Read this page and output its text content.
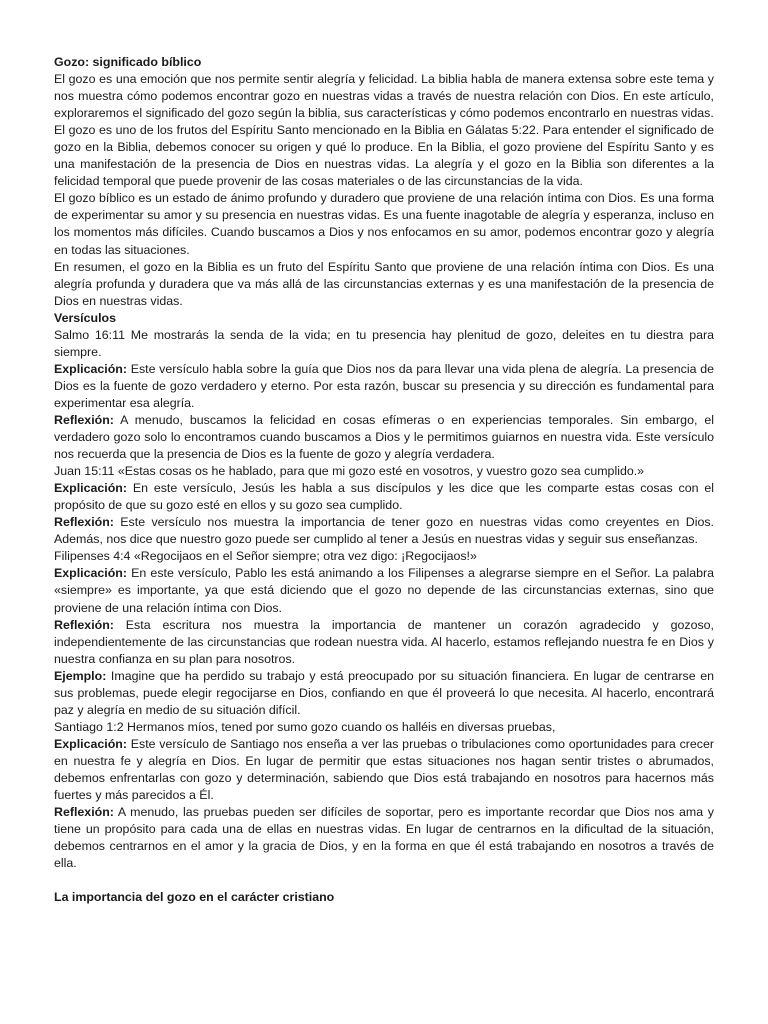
Gozo: significado bíblico

El gozo es una emoción que nos permite sentir alegría y felicidad. La biblia habla de manera extensa sobre este tema y nos muestra cómo podemos encontrar gozo en nuestras vidas a través de nuestra relación con Dios. En este artículo, exploraremos el significado del gozo según la biblia, sus características y cómo podemos encontrarlo en nuestras vidas.

El gozo es uno de los frutos del Espíritu Santo mencionado en la Biblia en Gálatas 5:22. Para entender el significado de gozo en la Biblia, debemos conocer su origen y qué lo produce. En la Biblia, el gozo proviene del Espíritu Santo y es una manifestación de la presencia de Dios en nuestras vidas. La alegría y el gozo en la Biblia son diferentes a la felicidad temporal que puede provenir de las cosas materiales o de las circunstancias de la vida.

El gozo bíblico es un estado de ánimo profundo y duradero que proviene de una relación íntima con Dios. Es una forma de experimentar su amor y su presencia en nuestras vidas. Es una fuente inagotable de alegría y esperanza, incluso en los momentos más difíciles. Cuando buscamos a Dios y nos enfocamos en su amor, podemos encontrar gozo y alegría en todas las situaciones.

En resumen, el gozo en la Biblia es un fruto del Espíritu Santo que proviene de una relación íntima con Dios. Es una alegría profunda y duradera que va más allá de las circunstancias externas y es una manifestación de la presencia de Dios en nuestras vidas.

Versículos

Salmo 16:11 Me mostrarás la senda de la vida; en tu presencia hay plenitud de gozo, deleites en tu diestra para siempre.

Explicación: Este versículo habla sobre la guía que Dios nos da para llevar una vida plena de alegría. La presencia de Dios es la fuente de gozo verdadero y eterno. Por esta razón, buscar su presencia y su dirección es fundamental para experimentar esa alegría.

Reflexión: A menudo, buscamos la felicidad en cosas efímeras o en experiencias temporales. Sin embargo, el verdadero gozo solo lo encontramos cuando buscamos a Dios y le permitimos guiarnos en nuestra vida. Este versículo nos recuerda que la presencia de Dios es la fuente de gozo y alegría verdadera.

Juan 15:11 «Estas cosas os he hablado, para que mi gozo esté en vosotros, y vuestro gozo sea cumplido.»

Explicación: En este versículo, Jesús les habla a sus discípulos y les dice que les comparte estas cosas con el propósito de que su gozo esté en ellos y su gozo sea cumplido.

Reflexión: Este versículo nos muestra la importancia de tener gozo en nuestras vidas como creyentes en Dios. Además, nos dice que nuestro gozo puede ser cumplido al tener a Jesús en nuestras vidas y seguir sus enseñanzas.

Filipenses 4:4 «Regocijaos en el Señor siempre; otra vez digo: ¡Regocijaos!»

Explicación: En este versículo, Pablo les está animando a los Filipenses a alegrarse siempre en el Señor. La palabra «siempre» es importante, ya que está diciendo que el gozo no depende de las circunstancias externas, sino que proviene de una relación íntima con Dios.

Reflexión: Esta escritura nos muestra la importancia de mantener un corazón agradecido y gozoso, independientemente de las circunstancias que rodean nuestra vida. Al hacerlo, estamos reflejando nuestra fe en Dios y nuestra confianza en su plan para nosotros.

Ejemplo: Imagine que ha perdido su trabajo y está preocupado por su situación financiera. En lugar de centrarse en sus problemas, puede elegir regocijarse en Dios, confiando en que él proveerá lo que necesita. Al hacerlo, encontrará paz y alegría en medio de su situación difícil.

Santiago 1:2 Hermanos míos, tened por sumo gozo cuando os halléis en diversas pruebas,

Explicación: Este versículo de Santiago nos enseña a ver las pruebas o tribulaciones como oportunidades para crecer en nuestra fe y alegría en Dios. En lugar de permitir que estas situaciones nos hagan sentir tristes o abrumados, debemos enfrentarlas con gozo y determinación, sabiendo que Dios está trabajando en nosotros para hacernos más fuertes y más parecidos a Él.

Reflexión: A menudo, las pruebas pueden ser difíciles de soportar, pero es importante recordar que Dios nos ama y tiene un propósito para cada una de ellas en nuestras vidas. En lugar de centrarnos en la dificultad de la situación, debemos centrarnos en el amor y la gracia de Dios, y en la forma en que él está trabajando en nosotros a través de ella.

La importancia del gozo en el carácter cristiano
